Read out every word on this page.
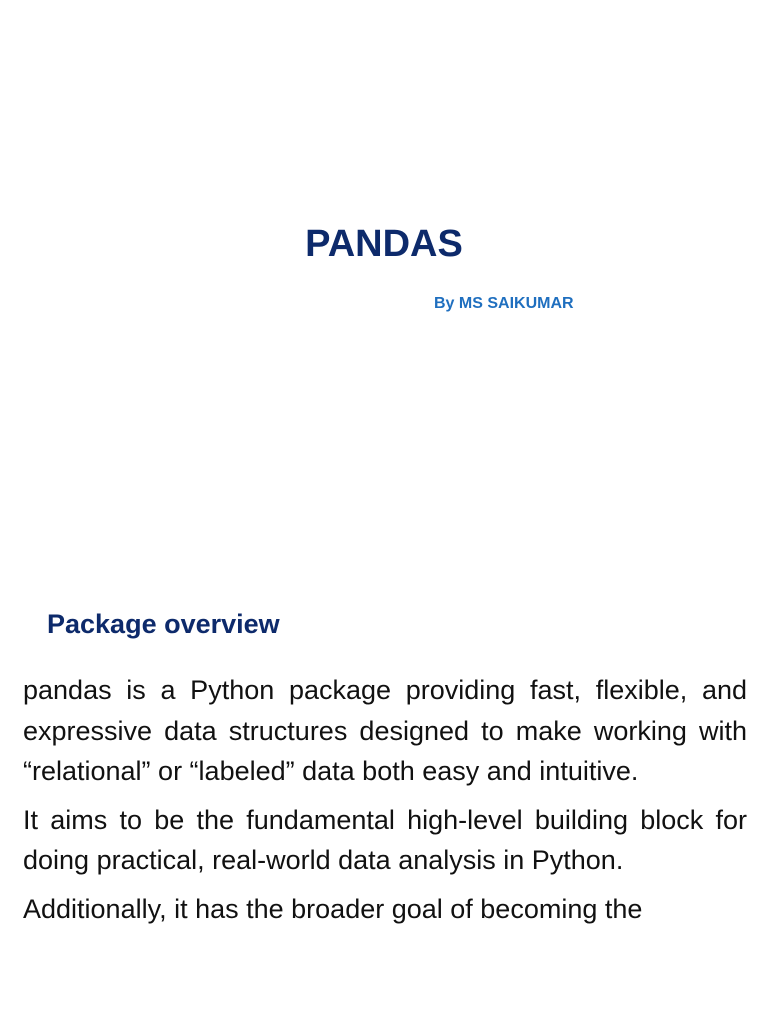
PANDAS
By MS SAIKUMAR
Package overview

pandas is a Python package providing fast, flexible, and expressive data structures designed to make working with “relational” or “labeled” data both easy and intuitive.

It aims to be the fundamental high-level building block for doing practical, real-world data analysis in Python.

Additionally, it has the broader goal of becoming the
